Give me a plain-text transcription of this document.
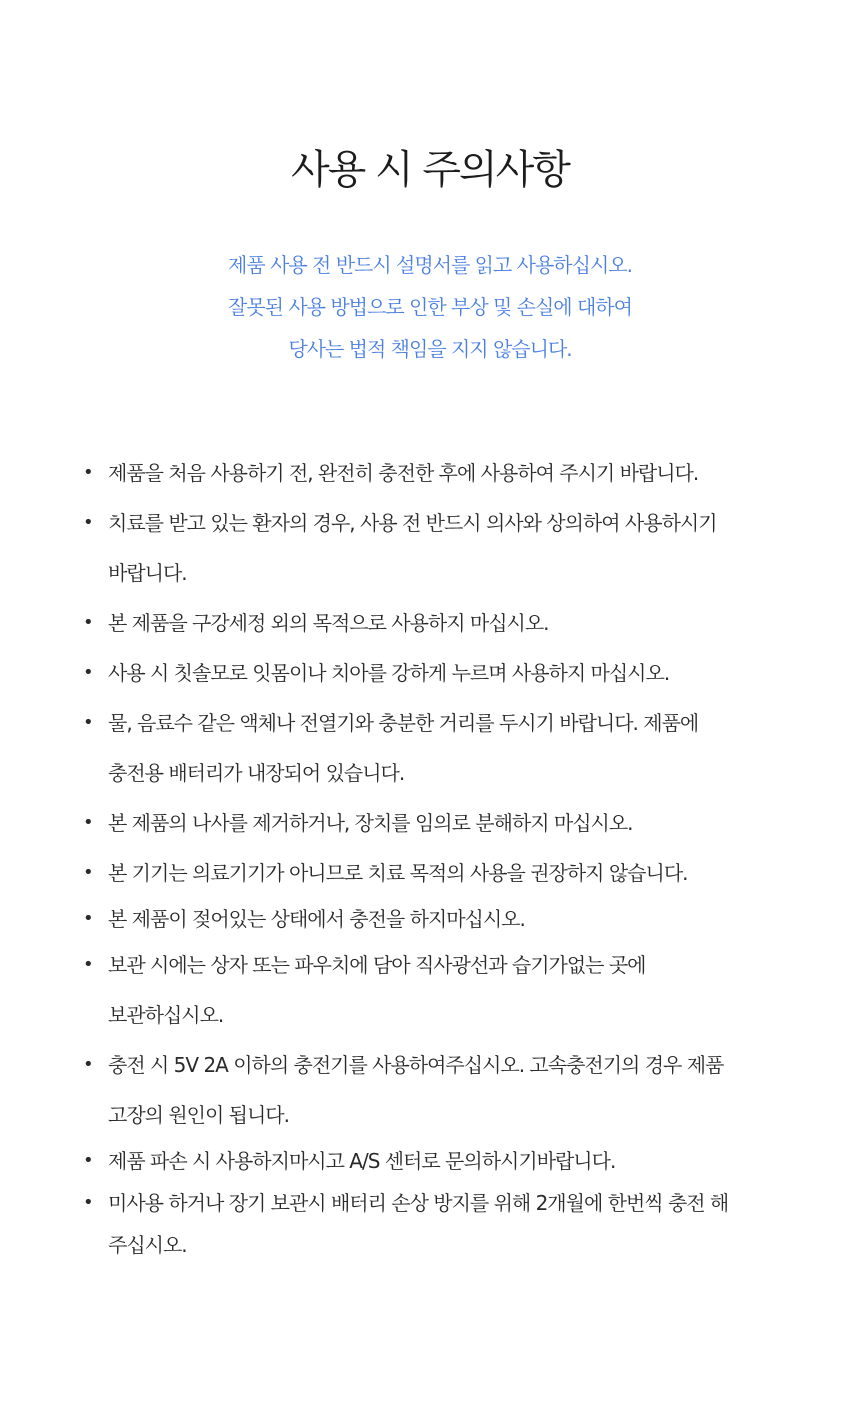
사용 시 주의사항

제품 사용 전 반드시 설명서를 읽고 사용하십시오.

잘못된 사용 방법으로 인한 부상 및 손실에 대하여

당사는 법적 책임을 지지 않습니다.

• 제품을 처음 사용하기 전, 완전히 충전한 후에 사용하여 주시기 바랍니다.
• 치료를 받고 있는 환자의 경우, 사용 전 반드시 의사와 상의하여 사용하시기
바랍니다.
• 본 제품을 구강세정 외의 목적으로 사용하지 마십시오.
• 사용 시 칫솔모로 잇몸이나 치아를 강하게 누르며 사용하지 마십시오.
• 물, 음료수 같은 액체나 전열기와 충분한 거리를 두시기 바랍니다. 제품에
충전용 배터리가 내장되어 있습니다.
• 본 제품의 나사를 제거하거나, 장치를 임의로 분해하지 마십시오.
• 본 기기는 의료기기가 아니므로 치료 목적의 사용을 권장하지 않습니다.
• 본 제품이 젖어있는 상태에서 충전을 하지마십시오.
• 보관 시에는 상자 또는 파우치에 담아 직사광선과 습기가없는 곳에
보관하십시오.
• 충전 시 5V 2A 이하의 충전기를 사용하여주십시오. 고속충전기의 경우 제품
고장의 원인이 됩니다.
• 제품 파손 시 사용하지마시고 A/S 센터로 문의하시기바랍니다.
• 미사용 하거나 장기 보관시 배터리 손상 방지를 위해 2개월에 한번씩 충전 해
주십시오.
